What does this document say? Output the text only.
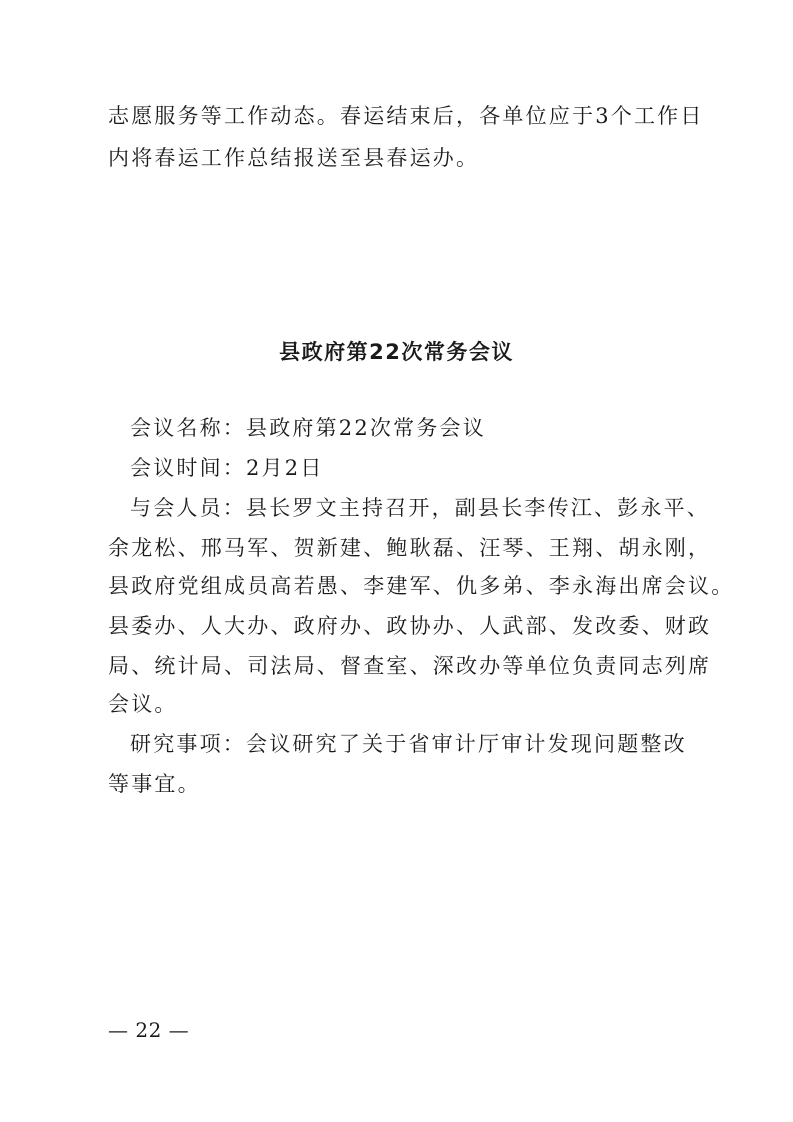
志愿服务等工作动态。春运结束后，各单位应于3个工作日
内将春运工作总结报送至县春运办。
县政府第22次常务会议
会议名称：县政府第22次常务会议
会议时间：2月2日
与会人员：县长罗文主持召开，副县长李传江、彭永平、
余龙松、邢马军、贺新建、鲍耿磊、汪琴、王翔、胡永刚，
县政府党组成员高若愚、李建军、仇多弟、李永海出席会议。
县委办、人大办、政府办、政协办、人武部、发改委、财政
局、统计局、司法局、督查室、深改办等单位负责同志列席
会议。
研究事项：会议研究了关于省审计厅审计发现问题整改
等事宜。
— 22 —
